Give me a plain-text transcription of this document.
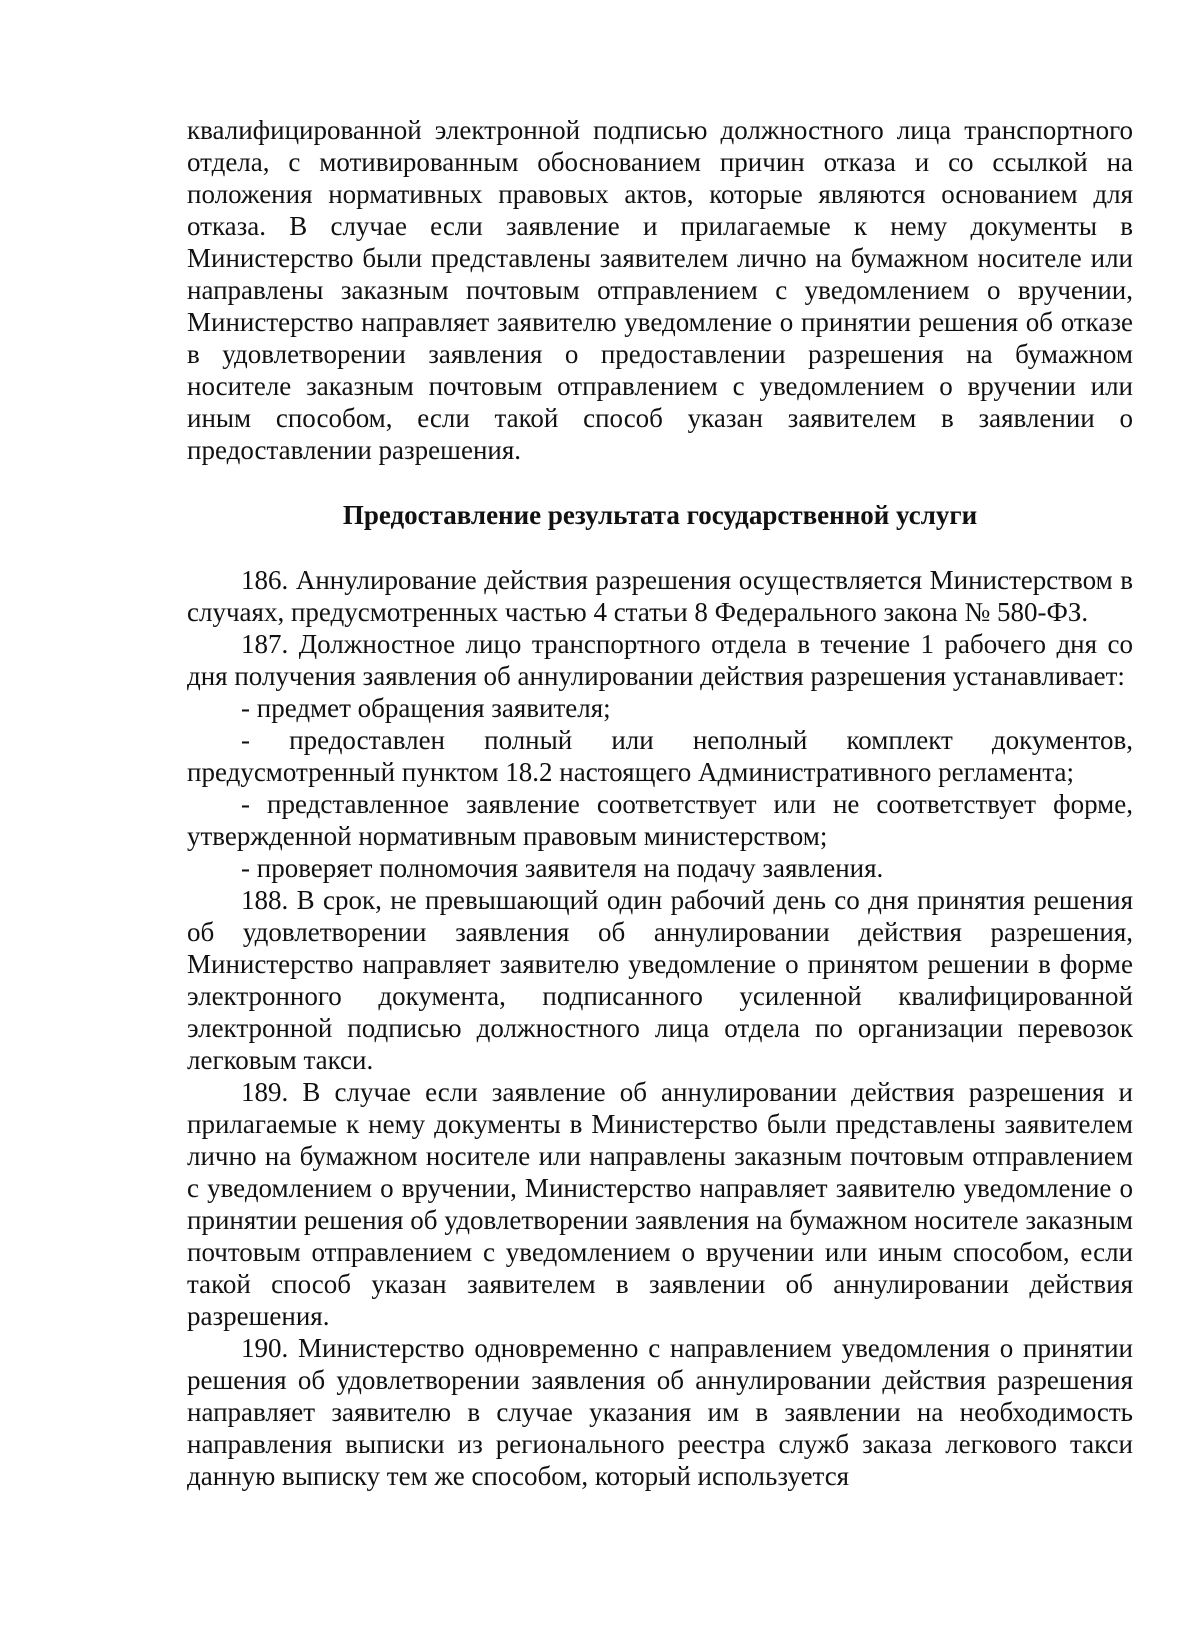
квалифицированной электронной подписью должностного лица транспортного отдела, с мотивированным обоснованием причин отказа и со ссылкой на положения нормативных правовых актов, которые являются основанием для отказа. В случае если заявление и прилагаемые к нему документы в Министерство были представлены заявителем лично на бумажном носителе или направлены заказным почтовым отправлением с уведомлением о вручении, Министерство направляет заявителю уведомление о принятии решения об отказе в удовлетворении заявления о предоставлении разрешения на бумажном носителе заказным почтовым отправлением с уведомлением о вручении или иным способом, если такой способ указан заявителем в заявлении о предоставлении разрешения.

Предоставление результата государственной услуги

186. Аннулирование действия разрешения осуществляется Министерством в случаях, предусмотренных частью 4 статьи 8 Федерального закона № 580-ФЗ.

187. Должностное лицо транспортного отдела в течение 1 рабочего дня со дня получения заявления об аннулировании действия разрешения устанавливает:

- предмет обращения заявителя;

- предоставлен полный или неполный комплект документов, предусмотренный пунктом 18.2 настоящего Административного регламента;

- представленное заявление соответствует или не соответствует форме, утвержденной нормативным правовым министерством;

- проверяет полномочия заявителя на подачу заявления.

188. В срок, не превышающий один рабочий день со дня принятия решения об удовлетворении заявления об аннулировании действия разрешения, Министерство направляет заявителю уведомление о принятом решении в форме электронного документа, подписанного усиленной квалифицированной электронной подписью должностного лица отдела по организации перевозок легковым такси.

189. В случае если заявление об аннулировании действия разрешения и прилагаемые к нему документы в Министерство были представлены заявителем лично на бумажном носителе или направлены заказным почтовым отправлением с уведомлением о вручении, Министерство направляет заявителю уведомление о принятии решения об удовлетворении заявления на бумажном носителе заказным почтовым отправлением с уведомлением о вручении или иным способом, если такой способ указан заявителем в заявлении об аннулировании действия разрешения.

190. Министерство одновременно с направлением уведомления о принятии решения об удовлетворении заявления об аннулировании действия разрешения направляет заявителю в случае указания им в заявлении на необходимость направления выписки из регионального реестра служб заказа легкового такси данную выписку тем же способом, который используется
